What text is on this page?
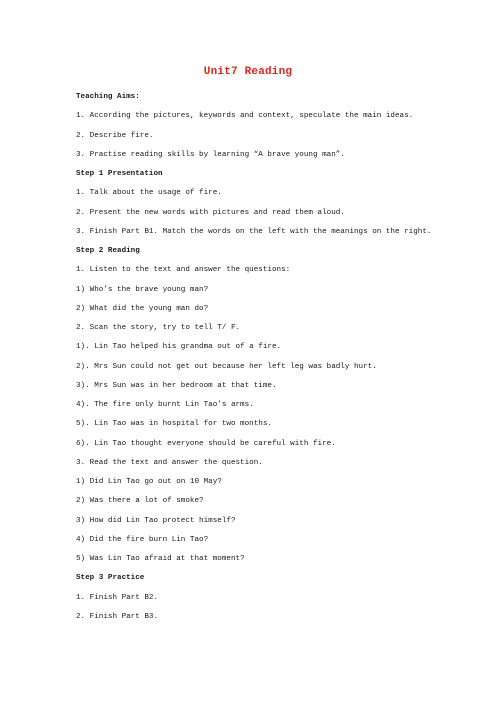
Unit7 Reading
Teaching Aims:
1. According the pictures, keywords and context, speculate the main ideas.
2. Describe fire.
3. Practise reading skills by learning “A brave young man”.
Step 1 Presentation
1. Talk about the usage of fire.
2. Present the new words with pictures and read them aloud.
3. Finish Part B1. Match the words on the left with the meanings on the right.
Step 2 Reading
1. Listen to the text and answer the questions:
1) Who’s the brave young man?
2) What did the young man do?
2. Scan the story, try to tell T/ F.
1). Lin Tao helped his grandma out of a fire.
2). Mrs Sun could not get out because her left leg was badly hurt.
3). Mrs Sun was in her bedroom at that time.
4). The fire only burnt Lin Tao’s arms.
5). Lin Tao was in hospital for two months.
6). Lin Tao thought everyone should be careful with fire.
3. Read the text and answer the question.
1) Did Lin Tao go out on 10 May?
2) Was there a lot of smoke?
3) How did Lin Tao protect himself?
4) Did the fire burn Lin Tao?
5) Was Lin Tao afraid at that moment?
Step 3 Practice
1. Finish Part B2.
2. Finish Part B3.
